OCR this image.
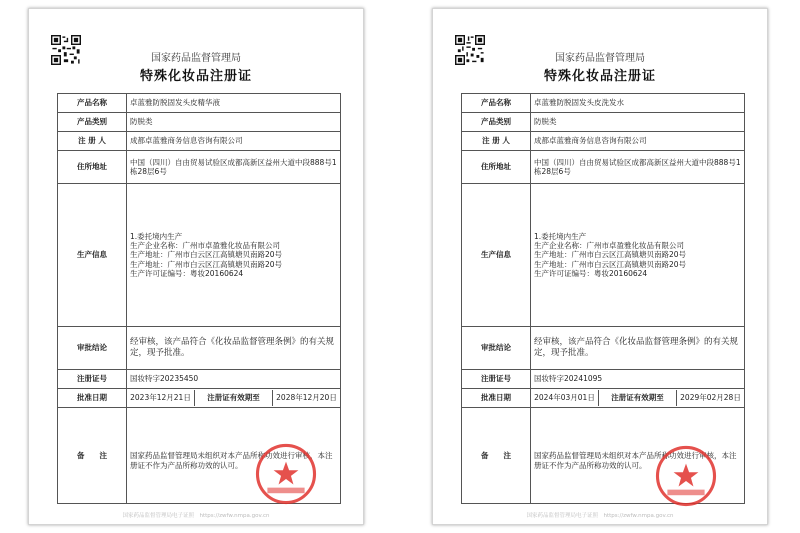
国家药品监督管理局
特殊化妆品注册证
产品名称	卓蓝雅防脱固发头皮精华液
产品类别	防脱类
注 册 人	成都卓蓝雅商务信息咨询有限公司
住所地址	中国（四川）自由贸易试验区成都高新区益州大道中段888号1栋28层6号
生产信息	1.委托境内生产
生产企业名称：广州市卓盈雅化妆品有限公司
生产地址：广州市白云区江高镇塘贝南路20号
生产地址：广州市白云区江高镇塘贝南路20号
生产许可证编号：粤妆20160624

审批结论	经审核，该产品符合《化妆品监督管理条例》的有关规定，现予批准。
注册证号	国妆特字20235450
批准日期	2023年12月21日 注册证有效期至 2028年12月20日

备　　注	国家药品监督管理局未组织对本产品所称功效进行审核，本注册证不作为产品所称功效的认可。
国家药品监督管理局电子证照　https://zwfw.nmpa.gov.cn
国家药品监督管理局
特殊化妆品注册证
产品名称	卓蓝雅防脱固发头皮洗发水
产品类别	防脱类
注 册 人	成都卓蓝雅商务信息咨询有限公司
住所地址	中国（四川）自由贸易试验区成都高新区益州大道中段888号1栋28层6号
生产信息	1.委托境内生产
生产企业名称：广州市卓盈雅化妆品有限公司
生产地址：广州市白云区江高镇塘贝南路20号
生产地址：广州市白云区江高镇塘贝南路20号
生产许可证编号：粤妆20160624

审批结论	经审核，该产品符合《化妆品监督管理条例》的有关规定，现予批准。
注册证号	国妆特字20241095
批准日期	2024年03月01日 注册证有效期至 2029年02月28日

备　　注	国家药品监督管理局未组织对本产品所称功效进行审核，本注册证不作为产品所称功效的认可。
国家药品监督管理局电子证照　https://zwfw.nmpa.gov.cn
